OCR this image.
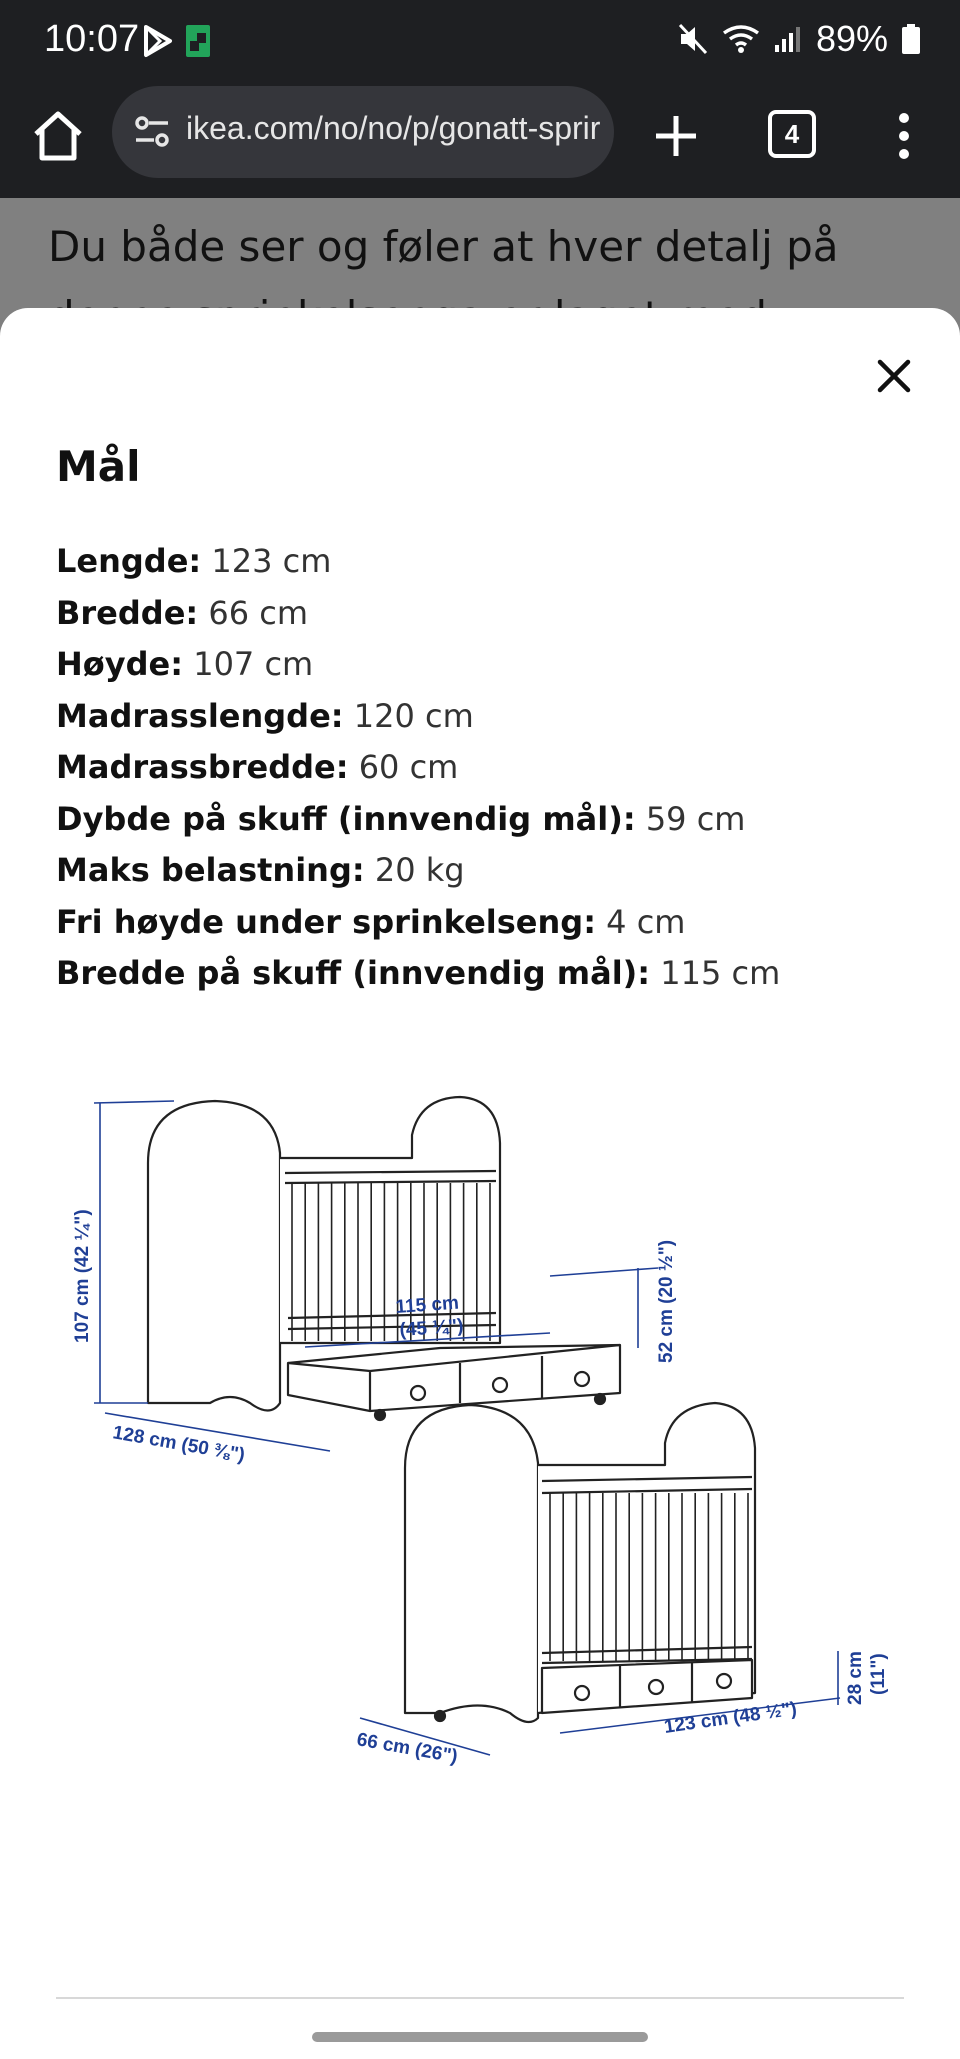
10:07	89%
ikea.com/no/no/p/gonatt-sprir	4
Du både ser og føler at hver detalj på
Mål
Lengde: 123 cm
Bredde: 66 cm
Høyde: 107 cm
Madrasslengde: 120 cm
Madrassbredde: 60 cm
Dybde på skuff (innvendig mål): 59 cm
Maks belastning: 20 kg
Fri høyde under sprinkelseng: 4 cm
Bredde på skuff (innvendig mål): 115 cm
107 cm (42 ¼")	115 cm
(45 ¼")	52 cm (20 ½")
128 cm (50 ⅜")
66 cm (26")
123 cm (48 ½")
28 cm (11")
